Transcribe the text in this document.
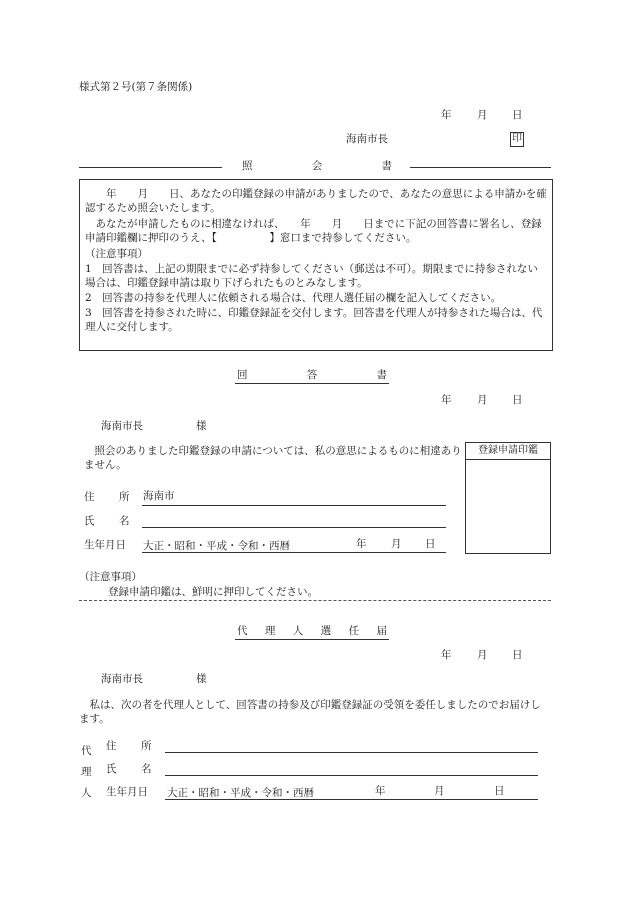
様式第２号(第７条関係)
年 月 日
海南市長	印
照	会	書
　　年　　月　　日、あなたの印鑑登録の申請がありましたので、あなたの意思による申請かを確認するため照会いたします。
　あなたが申請したものに相違なければ、　　年　　月　　日までに下記の回答書に署名し、登録申請印鑑欄に押印のうえ、【　　　　　】窓口まで持参してください。
（注意事項）
1　回答書は、上記の期限までに必ず持参してください（郵送は不可）。期限までに持参されない場合は、印鑑登録申請は取り下げられたものとみなします。
2　回答書の持参を代理人に依頼される場合は、代理人選任届の欄を記入してください。
3　回答書を持参された時に、印鑑登録証を交付します。回答書を代理人が持参された場合は、代理人に交付します。
回	答	書
年 月 日
海南市長	様
　照会のありました印鑑登録の申請については、私の意思によるものに相違ありません。
登録申請印鑑
住 所 海南市
氏 名
生年月日 大正・昭和・平成・令和・西暦	年 月 日
（注意事項）
登録申請印鑑は、鮮明に押印してください。
代 理 人 選 任 届
年 月 日
海南市長	様
　私は、次の者を代理人として、回答書の持参及び印鑑登録証の受領を委任しましたのでお届けします。
代
理
人
住 所
氏 名
生年月日 大正・昭和・平成・令和・西暦	年	月	日
